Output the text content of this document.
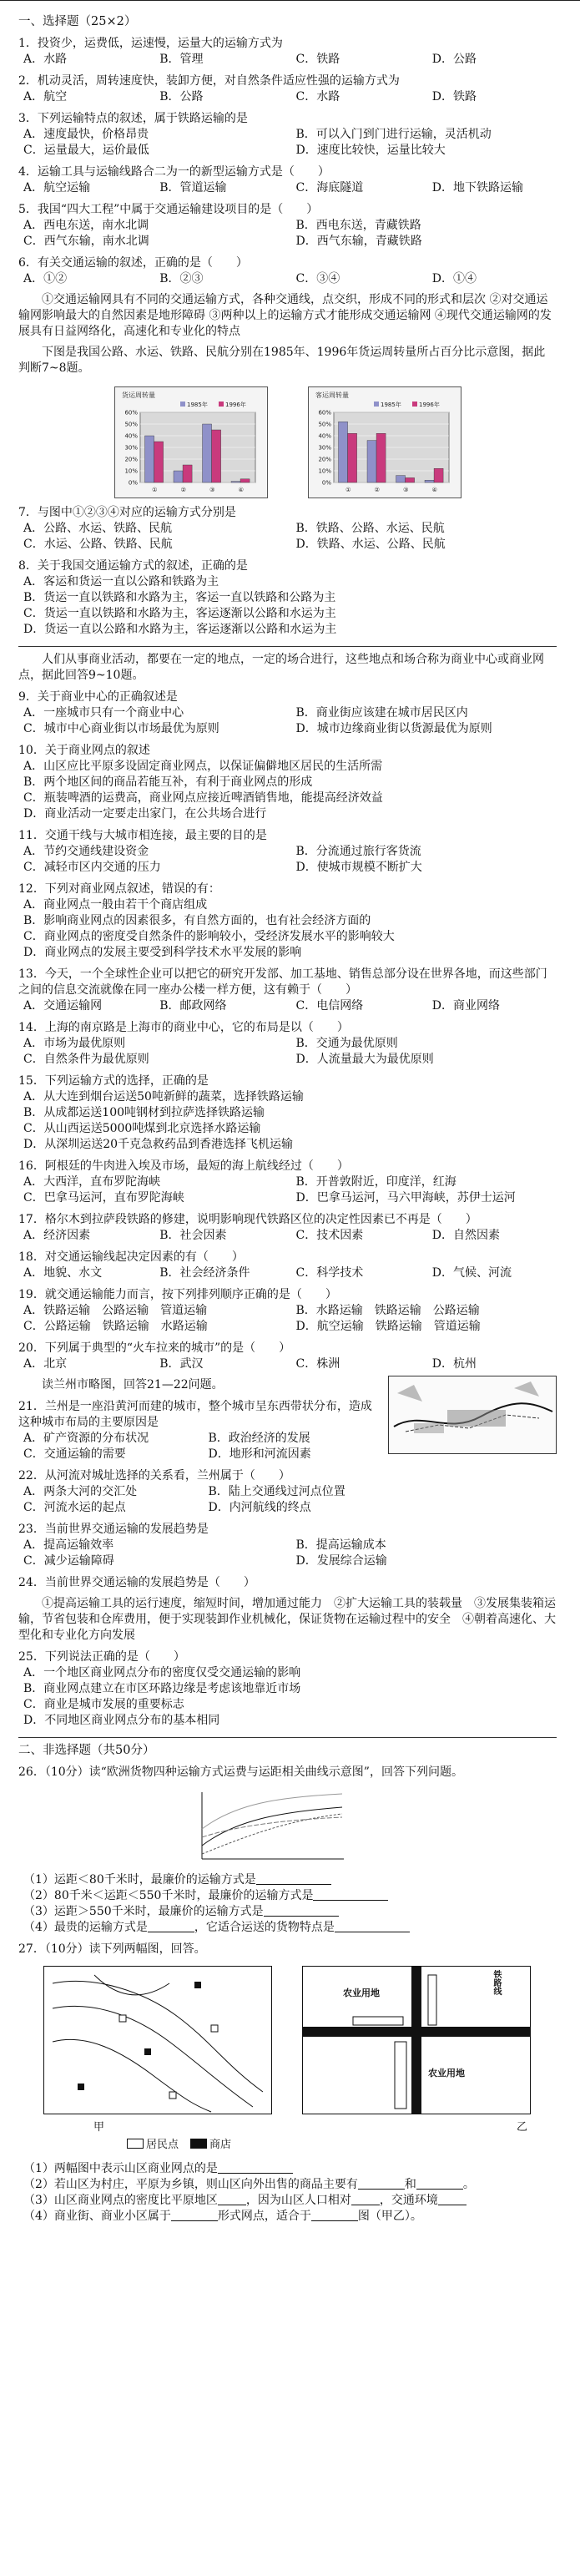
一、选择题（25×2）
1．投资少，运费低，运速慢，运量大的运输方式为
A．水路	B．管理	C．铁路	D．公路
2．机动灵活，周转速度快，装卸方便，对自然条件适应性强的运输方式为
A．航空	B．公路	C．水路	D．铁路
3．下列运输特点的叙述，属于铁路运输的是
A．速度最快，价格昂贵	B．可以入门到门进行运输，灵活机动
C．运量最大，运价最低	D．速度比较快，运量比较大
4．运输工具与运输线路合二为一的新型运输方式是（　　）
A．航空运输	B．管道运输	C．海底隧道	D．地下铁路运输
5．我国“四大工程”中属于交通运输建设项目的是（　　）
A．西电东送，南水北调	B．西电东送，青藏铁路
C．西气东输，南水北调	D．西气东输，青藏铁路
6．有关交通运输的叙述，正确的是（　　）
A．①②	B．②③	C．③④	D．①④
①交通运输网具有不同的交通运输方式，各种交通线，点交织，形成不同的形式和层次 ②对交通运输网影响最大的自然因素是地形障碍 ③两种以上的运输方式才能形成交通运输网 ④现代交通运输网的发展具有日益网络化，高速化和专业化的特点
下图是我国公路、水运、铁路、民航分别在1985年、1996年货运周转量所占百分比示意图，据此判断7~8题。
货运周转量
1985年	1996年
0%
10%
20%
30%
40%
50%
60%
①	②	③	④
客运周转量
1985年	1996年
0%
10%
20%
30%
40%
50%
60%
①	②	③	④
7．与图中①②③④对应的运输方式分别是
A．公路、水运、铁路、民航	B．铁路、公路、水运、民航
C．水运、公路、铁路、民航	D．铁路、水运、公路、民航
8．关于我国交通运输方式的叙述，正确的是
A．客运和货运一直以公路和铁路为主
B．货运一直以铁路和水路为主，客运一直以铁路和公路为主
C．货运一直以铁路和水路为主，客运逐渐以公路和水运为主
D．货运一直以公路和水路为主，客运逐渐以公路和水运为主
人们从事商业活动，都要在一定的地点，一定的场合进行，这些地点和场合称为商业中心或商业网点，据此回答9~10题。
9．关于商业中心的正确叙述是
A．一座城市只有一个商业中心	B．商业街应该建在城市居民区内
C．城市中心商业街以市场最优为原则	D．城市边缘商业街以货源最优为原则
10．关于商业网点的叙述
A．山区应比平原多设固定商业网点，以保证偏僻地区居民的生活所需
B．两个地区间的商品若能互补，有利于商业网点的形成
C．瓶装啤酒的运费高，商业网点应接近啤酒销售地，能提高经济效益
D．商业活动一定要走出家门，在公共场合进行
11．交通干线与大城市相连接，最主要的目的是
A．节约交通线建设资金	B．分流通过旅行客货流
C．减轻市区内交通的压力	D．使城市规模不断扩大
12．下列对商业网点叙述，错误的有：
A．商业网点一般由若干个商店组成
B．影响商业网点的因素很多，有自然方面的，也有社会经济方面的
C．商业网点的密度受自然条件的影响较小，受经济发展水平的影响较大
D．商业网点的发展主要受到科学技术水平发展的影响
13．今天，一个全球性企业可以把它的研究开发部、加工基地、销售总部分设在世界各地，而这些部门之间的信息交流就像在同一座办公楼一样方便，这有赖于（　　）
A．交通运输网	B．邮政网络	C．电信网络	D．商业网络
14．上海的南京路是上海市的商业中心，它的布局是以（　　）
A．市场为最优原则	B．交通为最优原则
C．自然条件为最优原则	D．人流量最大为最优原则
15．下列运输方式的选择，正确的是
A．从大连到烟台运送50吨新鲜的蔬菜，选择铁路运输
B．从成都运送100吨钢材到拉萨选择铁路运输
C．从山西运送5000吨煤到北京选择水路运输
D．从深圳运送20千克急救药品到香港选择飞机运输
16．阿根廷的牛肉进入埃及市场，最短的海上航线经过（　　）
A．大西洋，直布罗陀海峡	B．开普敦附近，印度洋，红海
C．巴拿马运河，直布罗陀海峡	D．巴拿马运河，马六甲海峡，苏伊士运河
17．格尔木到拉萨段铁路的修建，说明影响现代铁路区位的决定性因素已不再是（　　）
A．经济因素	B．社会因素	C．技术因素	D．自然因素
18．对交通运输线起决定因素的有（　　）
A．地貌、水文	B．社会经济条件	C．科学技术	D．气候、河流
19．就交通运输能力而言，按下列排列顺序正确的是（　　）
A．铁路运输　公路运输　管道运输	B．水路运输　铁路运输　公路运输
C．公路运输　铁路运输　水路运输	D．航空运输　铁路运输　管道运输
20．下列属于典型的“火车拉来的城市”的是（　　）
A．北京	B．武汉	C．株洲	D．杭州
读兰州市略图，回答21—22问题。
21．兰州是一座沿黄河而建的城市，整个城市呈东西带状分布，造成这种城市布局的主要原因是
A．矿产资源的分布状况	B．政治经济的发展
C．交通运输的需要	D．地形和河流因素
22．从河流对城址选择的关系看，兰州属于（　　）
A．两条大河的交汇处	B．陆上交通线过河点位置
C．河流水运的起点	D．内河航线的终点
23．当前世界交通运输的发展趋势是
A．提高运输效率	B．提高运输成本
C．减少运输障碍	D．发展综合运输
24．当前世界交通运输的发展趋势是（　　）
①提高运输工具的运行速度，缩短时间，增加通过能力　②扩大运输工具的装载量　③发展集装箱运输，节省包装和仓库费用，便于实现装卸作业机械化，保证货物在运输过程中的安全　④朝着高速化、大型化和专业化方向发展
25．下列说法正确的是（　　）
A．一个地区商业网点分布的密度仅受交通运输的影响
B．商业网点建立在市区环路边缘是考虑该地靠近市场
C．商业是城市发展的重要标志
D．不同地区商业网点分布的基本相同
二、非选择题（共50分）
26．（10分）读“欧洲货物四种运输方式运费与运距相关曲线示意图”，回答下列问题。
（1）运距＜80千米时，最廉价的运输方式是
（2）80千米＜运距＜550千米时，最廉价的运输方式是
（3）运距＞550千米时，最廉价的运输方式是
（4）最贵的运输方式是	，它适合运送的货物特点是
27．（10分）读下列两幅图，回答。
农业用地
农业用地
铁路线
甲	乙
居民点	商店
（1）两幅图中表示山区商业网点的是
（2）若山区为村庄，平原为乡镇，则山区向外出售的商品主要有	和	。
（3）山区商业网点的密度比平原地区 ，因为山区人口相对 ，交通环境
（4）商业街、商业小区属于	形式网点，适合于	图（甲乙）。
